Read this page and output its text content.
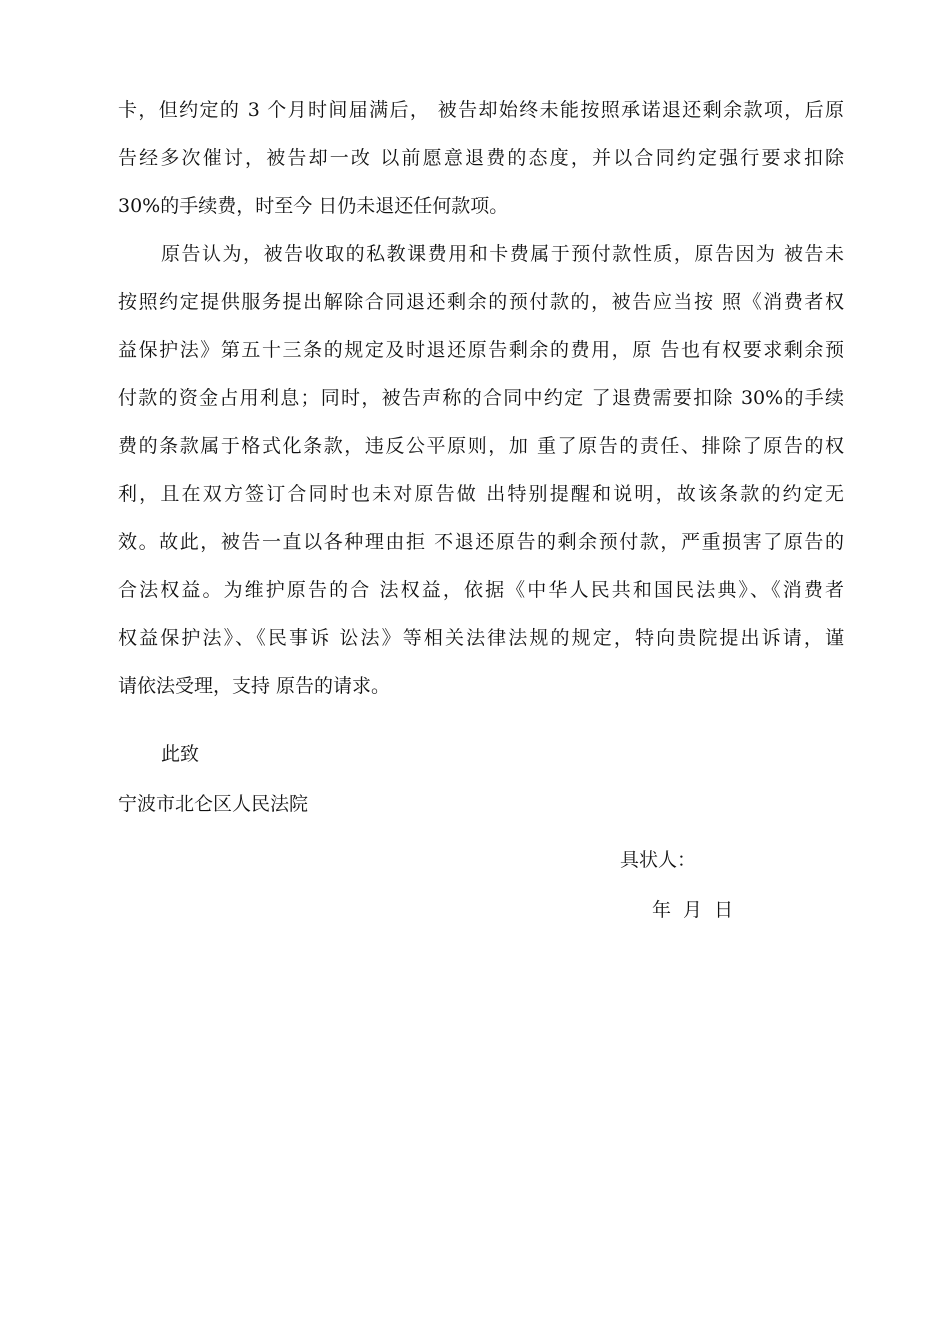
卡，但约定的 3 个月时间届满后， 被告却始终未能按照承诺退还剩余款项，后原
告经多次催讨，被告却一改 以前愿意退费的态度，并以合同约定强行要求扣除
30%的手续费，时至今 日仍未退还任何款项。
原告认为，被告收取的私教课费用和卡费属于预付款性质，原告因为 被告未
按照约定提供服务提出解除合同退还剩余的预付款的，被告应当按 照《消费者权
益保护法》第五十三条的规定及时退还原告剩余的费用，原 告也有权要求剩余预
付款的资金占用利息；同时，被告声称的合同中约定 了退费需要扣除 30%的手续
费的条款属于格式化条款，违反公平原则，加 重了原告的责任、排除了原告的权
利，且在双方签订合同时也未对原告做 出特别提醒和说明，故该条款的约定无
效。故此，被告一直以各种理由拒 不退还原告的剩余预付款，严重损害了原告的
合法权益。为维护原告的合 法权益，依据《中华人民共和国民法典》、《消费者
权益保护法》、《民事诉 讼法》等相关法律法规的规定，特向贵院提出诉请，谨
请依法受理，支持 原告的请求。
此致
宁波市北仑区人民法院
具状人：
年 月 日
